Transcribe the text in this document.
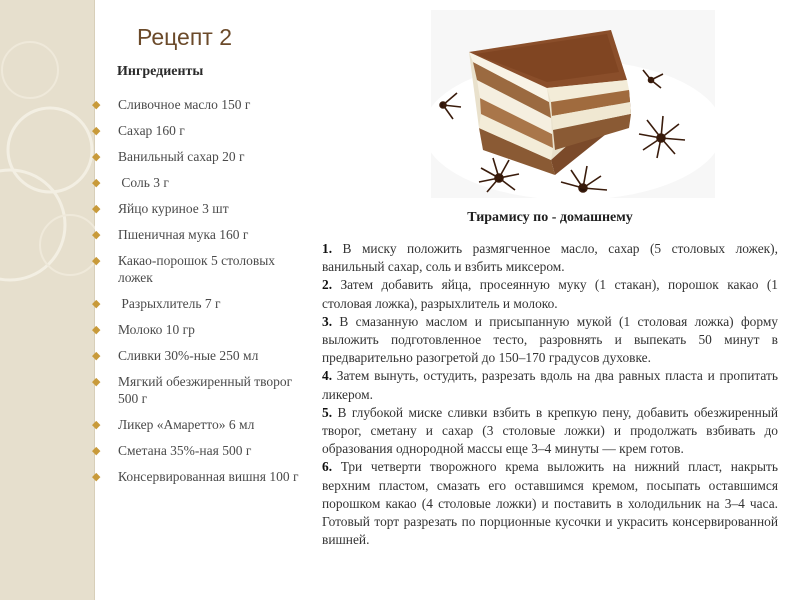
Рецепт 2
Ингредиенты
◆ Сливочное масло 150 г
◆ Сахар 160 г
◆ Ванильный сахар 20 г
◆ Соль 3 г
◆ Яйцо куриное 3 шт
◆ Пшеничная мука 160 г
◆ Какао-порошок 5 столовых ложек
◆ Разрыхлитель 7 г
◆ Молоко 10 гр
◆ Сливки 30%-ные 250 мл
◆ Мягкий обезжиренный творог 500 г
◆ Ликер «Амаретто» 6 мл
◆ Сметана 35%-ная 500 г
◆ Консервированная вишня 100 г
Тирамису по - домашнему

1. В миску положить размягченное масло, сахар (5 столовых ложек), ванильный сахар, соль и взбить миксером.

2. Затем добавить яйца, просеянную муку (1 стакан), порошок какао (1 столовая ложка), разрыхлитель и молоко.

3. В смазанную маслом и присыпанную мукой (1 столовая ложка) форму выложить подготовленное тесто, разровнять и выпекать 50 минут в предварительно разогретой до 150–170 градусов духовке.

4. Затем вынуть, остудить, разрезать вдоль на два равных пласта и пропитать ликером.

5. В глубокой миске сливки взбить в крепкую пену, добавить обезжиренный творог, сметану и сахар (3 столовые ложки) и продолжать взбивать до образования однородной массы еще 3–4 минуты — крем готов.

6. Три четверти творожного крема выложить на нижний пласт, накрыть верхним пластом, смазать его оставшимся кремом, посыпать оставшимся порошком какао (4 столовые ложки) и поставить в холодильник на 3–4 часа. Готовый торт разрезать по порционные кусочки и украсить консервированной вишней.
